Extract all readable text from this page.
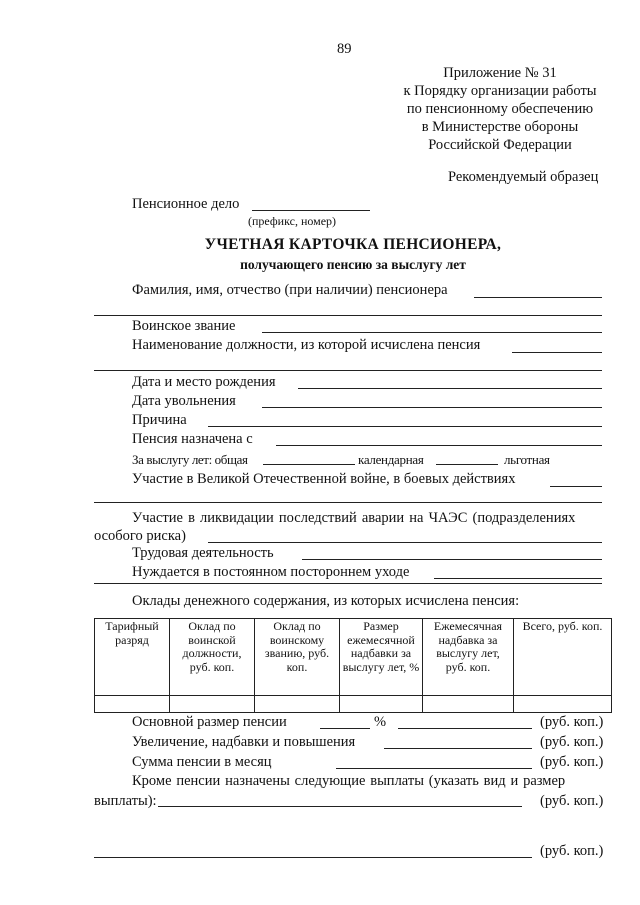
89
Приложение № 31
к Порядку организации работы
по пенсионному обеспечению
в Министерстве обороны
Российской Федерации
Рекомендуемый образец
Пенсионное дело
(префикс, номер)
УЧЕТНАЯ КАРТОЧКА ПЕНСИОНЕРА,
получающего пенсию за выслугу лет
Фамилия, имя, отчество (при наличии) пенсионера
Воинское звание
Наименование должности, из которой исчислена пенсия
Дата и место рождения
Дата увольнения
Причина
Пенсия назначена с
За выслугу лет: общая	календарная	льготная
Участие в Великой Отечественной войне, в боевых действиях
Участие в ликвидации последствий аварии на ЧАЭС (подразделениях
особого риска)
Трудовая деятельность
Нуждается в постоянном постороннем уходе
Оклады денежного содержания, из которых исчислена пенсия:
Тарифный разряд	Оклад по воинской должности, руб. коп.	Оклад по воинскому званию, руб. коп.	Размер ежемесячной надбавки за выслугу лет, %	Ежемесячная надбавка за выслугу лет, руб. коп.	Всего, руб. коп.

Основной размер пенсии	%	(руб. коп.)
Увеличение, надбавки и повышения	(руб. коп.)
Сумма пенсии в месяц	(руб. коп.)
Кроме пенсии назначены следующие выплаты (указать вид и размер
выплаты):	(руб. коп.)
(руб. коп.)
